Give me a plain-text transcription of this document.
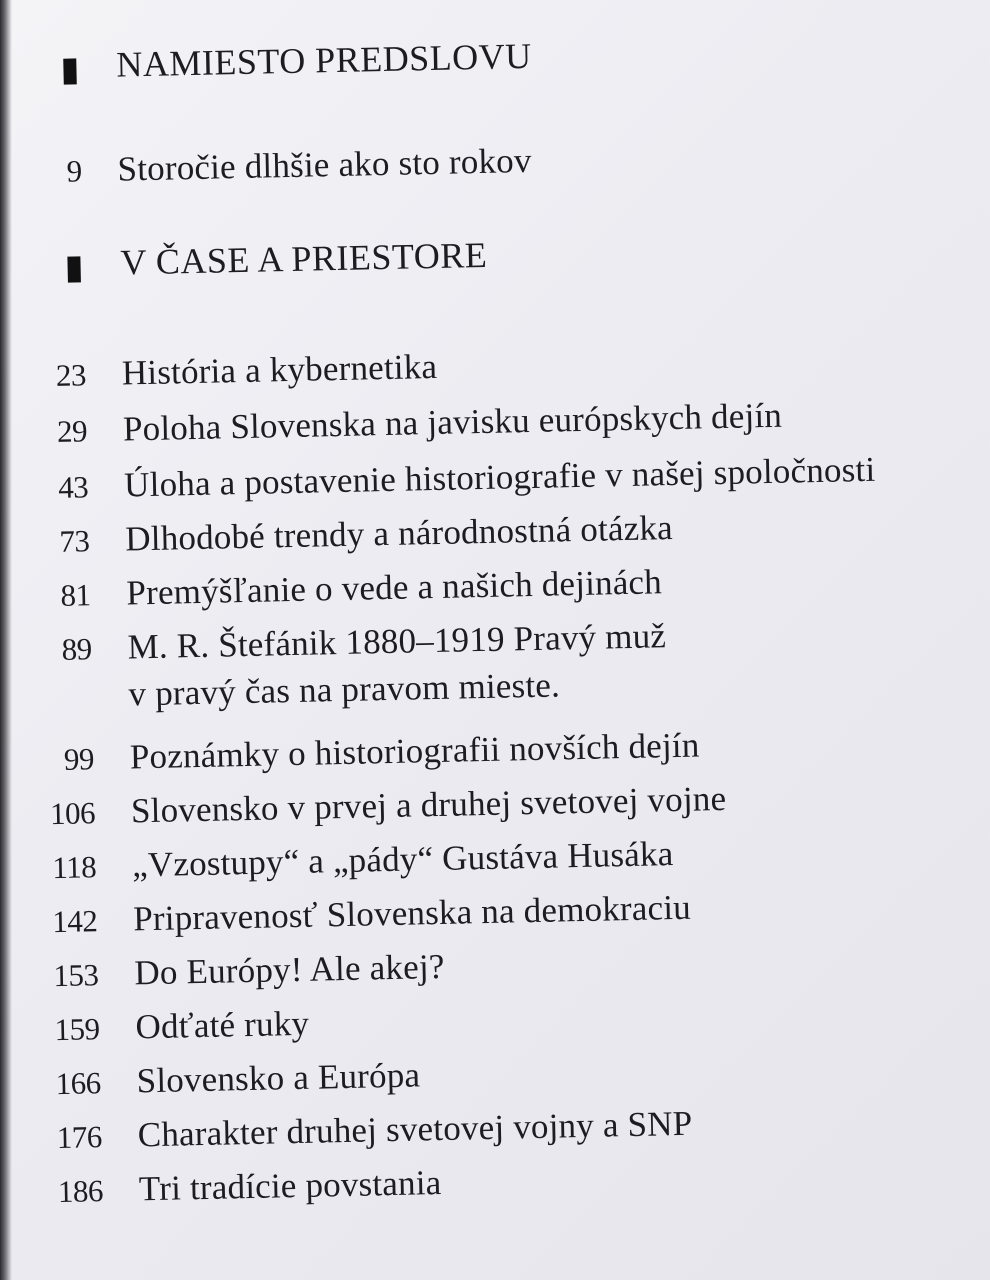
NAMIESTO PREDSLOVU
9 Storočie dlhšie ako sto rokov
V ČASE A PRIESTORE
23 História a kybernetika
29 Poloha Slovenska na javisku európskych dejín
43 Úloha a postavenie historiografie v našej spoločnosti
73 Dlhodobé trendy a národnostná otázka
81 Premýšľanie o vede a našich dejinách
89 M. R. Štefánik 1880–1919 Pravý muž
v pravý čas na pravom mieste.
99 Poznámky o historiografii novších dejín
106 Slovensko v prvej a druhej svetovej vojne
118 „Vzostupy“ a „pády“ Gustáva Husáka
142 Pripravenosť Slovenska na demokraciu
153 Do Európy! Ale akej?
159 Odťaté ruky
166 Slovensko a Európa
176 Charakter druhej svetovej vojny a SNP
186 Tri tradície povstania
